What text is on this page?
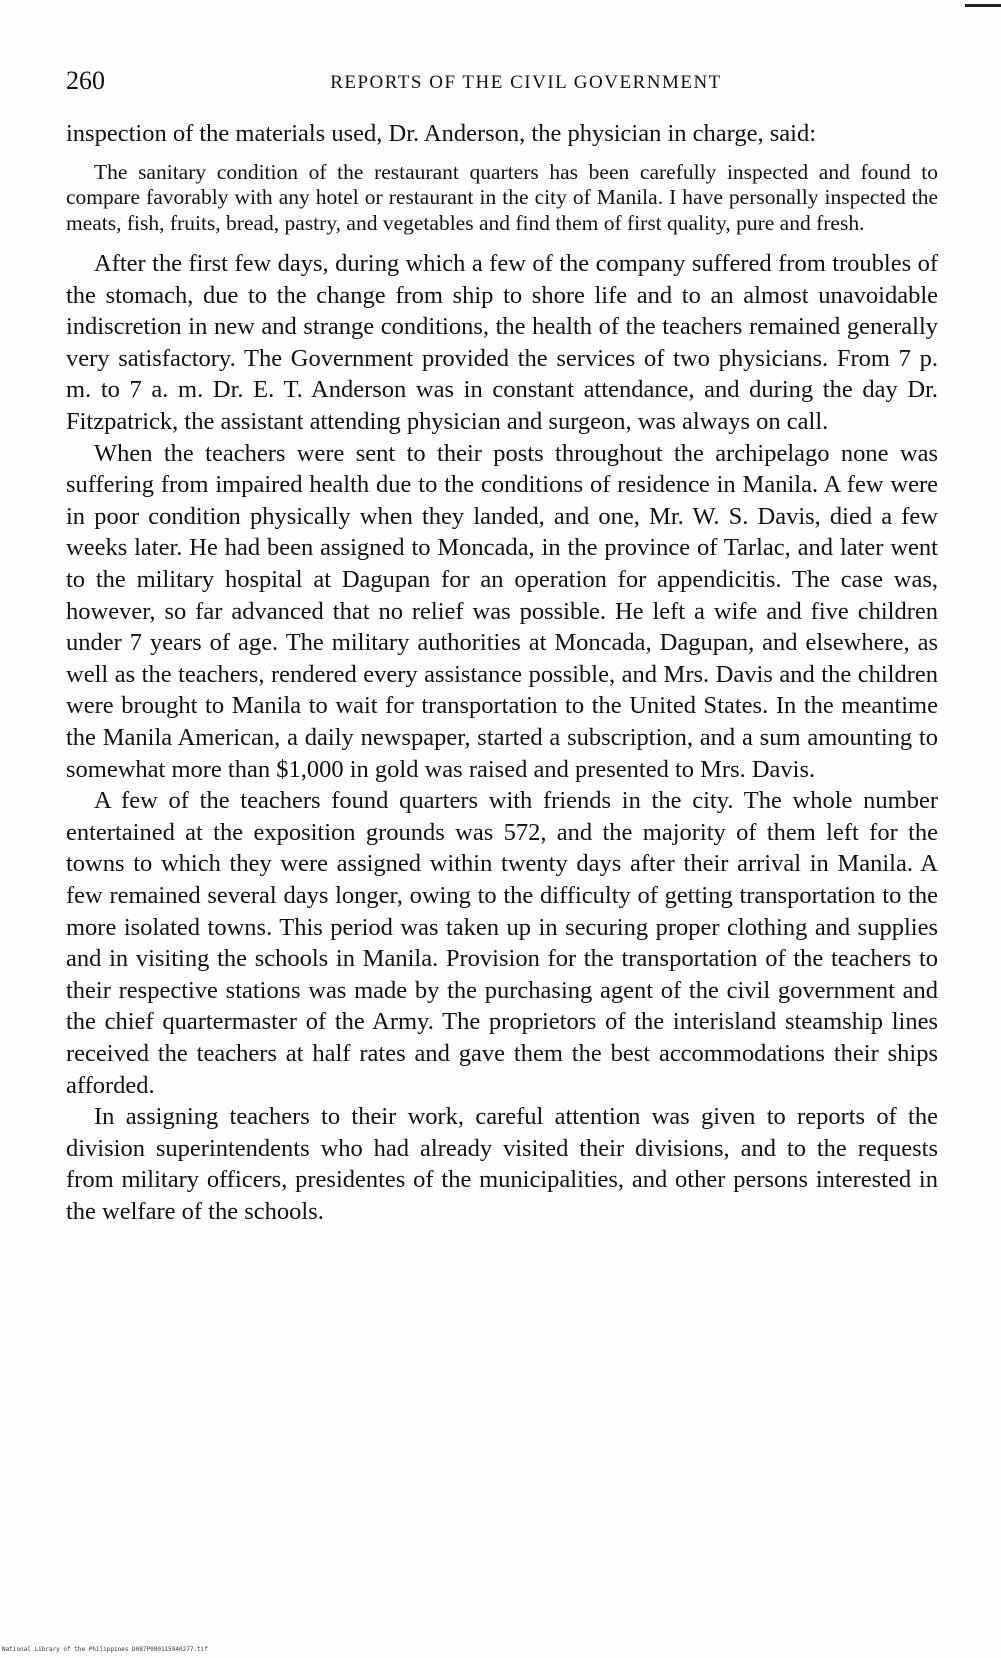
260	REPORTS OF THE CIVIL GOVERNMENT

inspection of the materials used, Dr. Anderson, the physician in charge, said:

The sanitary condition of the restaurant quarters has been carefully inspected and found to compare favorably with any hotel or restaurant in the city of Manila. I have personally inspected the meats, fish, fruits, bread, pastry, and vegetables and find them of first quality, pure and fresh.

After the first few days, during which a few of the company suffered from troubles of the stomach, due to the change from ship to shore life and to an almost unavoidable indiscretion in new and strange conditions, the health of the teachers remained generally very satisfactory. The Government provided the services of two physicians. From 7 p. m. to 7 a. m. Dr. E. T. Anderson was in constant attendance, and during the day Dr. Fitzpatrick, the assistant attending physician and surgeon, was always on call.

When the teachers were sent to their posts throughout the archipelago none was suffering from impaired health due to the conditions of residence in Manila. A few were in poor condition physically when they landed, and one, Mr. W. S. Davis, died a few weeks later. He had been assigned to Moncada, in the province of Tarlac, and later went to the military hospital at Dagupan for an operation for appendicitis. The case was, however, so far advanced that no relief was possible. He left a wife and five children under 7 years of age. The military authorities at Moncada, Dagupan, and elsewhere, as well as the teachers, rendered every assistance possible, and Mrs. Davis and the children were brought to Manila to wait for transportation to the United States. In the meantime the Manila American, a daily newspaper, started a subscription, and a sum amounting to somewhat more than $1,000 in gold was raised and presented to Mrs. Davis.

A few of the teachers found quarters with friends in the city. The whole number entertained at the exposition grounds was 572, and the majority of them left for the towns to which they were assigned within twenty days after their arrival in Manila. A few remained several days longer, owing to the difficulty of getting transportation to the more isolated towns. This period was taken up in securing proper clothing and supplies and in visiting the schools in Manila. Provision for the transportation of the teachers to their respective stations was made by the purchasing agent of the civil government and the chief quartermaster of the Army. The proprietors of the interisland steamship lines received the teachers at half rates and gave them the best accommodations their ships afforded.

In assigning teachers to their work, careful attention was given to reports of the division superintendents who had already visited their divisions, and to the requests from military officers, presidentes of the municipalities, and other persons interested in the welfare of the schools.

National Library of the Philippines D087P000115940277.tif
